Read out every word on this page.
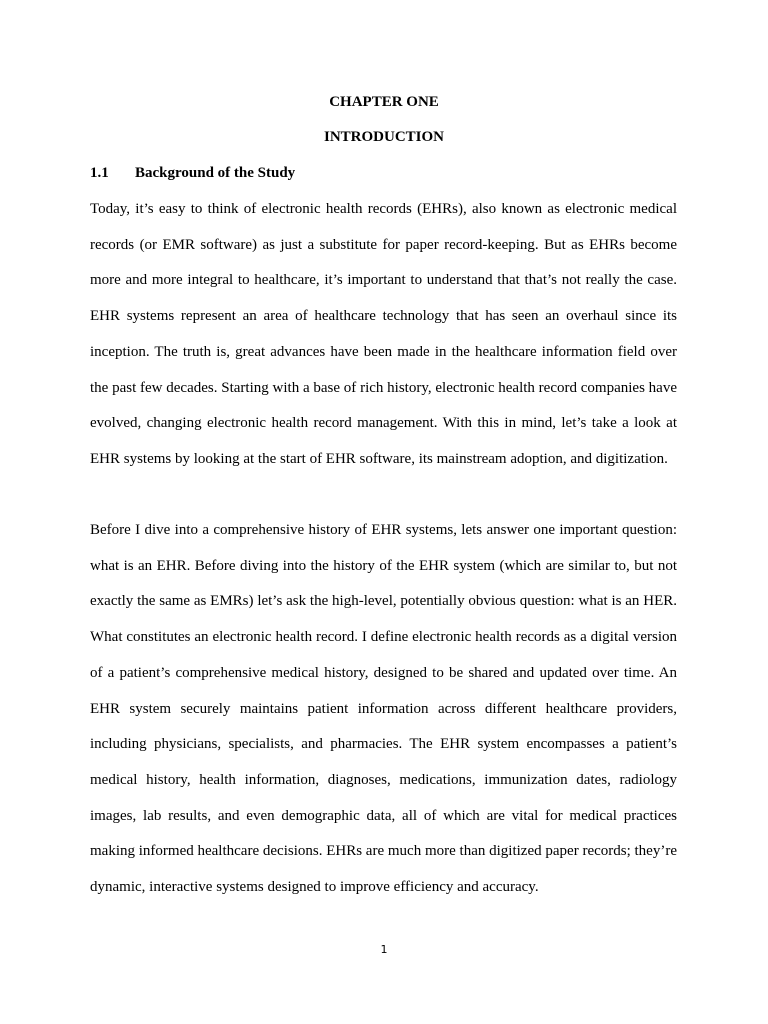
CHAPTER ONE
INTRODUCTION
1.1 Background of the Study

Today, it’s easy to think of electronic health records (EHRs), also known as electronic medical records (or EMR software) as just a substitute for paper record-keeping. But as EHRs become more and more integral to healthcare, it’s important to understand that that’s not really the case. EHR systems represent an area of healthcare technology that has seen an overhaul since its inception. The truth is, great advances have been made in the healthcare information field over the past few decades. Starting with a base of rich history, electronic health record companies have evolved, changing electronic health record management. With this in mind, let’s take a look at EHR systems by looking at the start of EHR software, its mainstream adoption, and digitization.

Before I dive into a comprehensive history of EHR systems, lets answer one important question: what is an EHR. Before diving into the history of the EHR system (which are similar to, but not exactly the same as EMRs) let’s ask the high-level, potentially obvious question: what is an HER. What constitutes an electronic health record. I define electronic health records as a digital version of a patient’s comprehensive medical history, designed to be shared and updated over time. An EHR system securely maintains patient information across different healthcare providers, including physicians, specialists, and pharmacies. The EHR system encompasses a patient’s medical history, health information, diagnoses, medications, immunization dates, radiology images, lab results, and even demographic data, all of which are vital for medical practices making informed healthcare decisions. EHRs are much more than digitized paper records; they’re dynamic, interactive systems designed to improve efficiency and accuracy.

1
